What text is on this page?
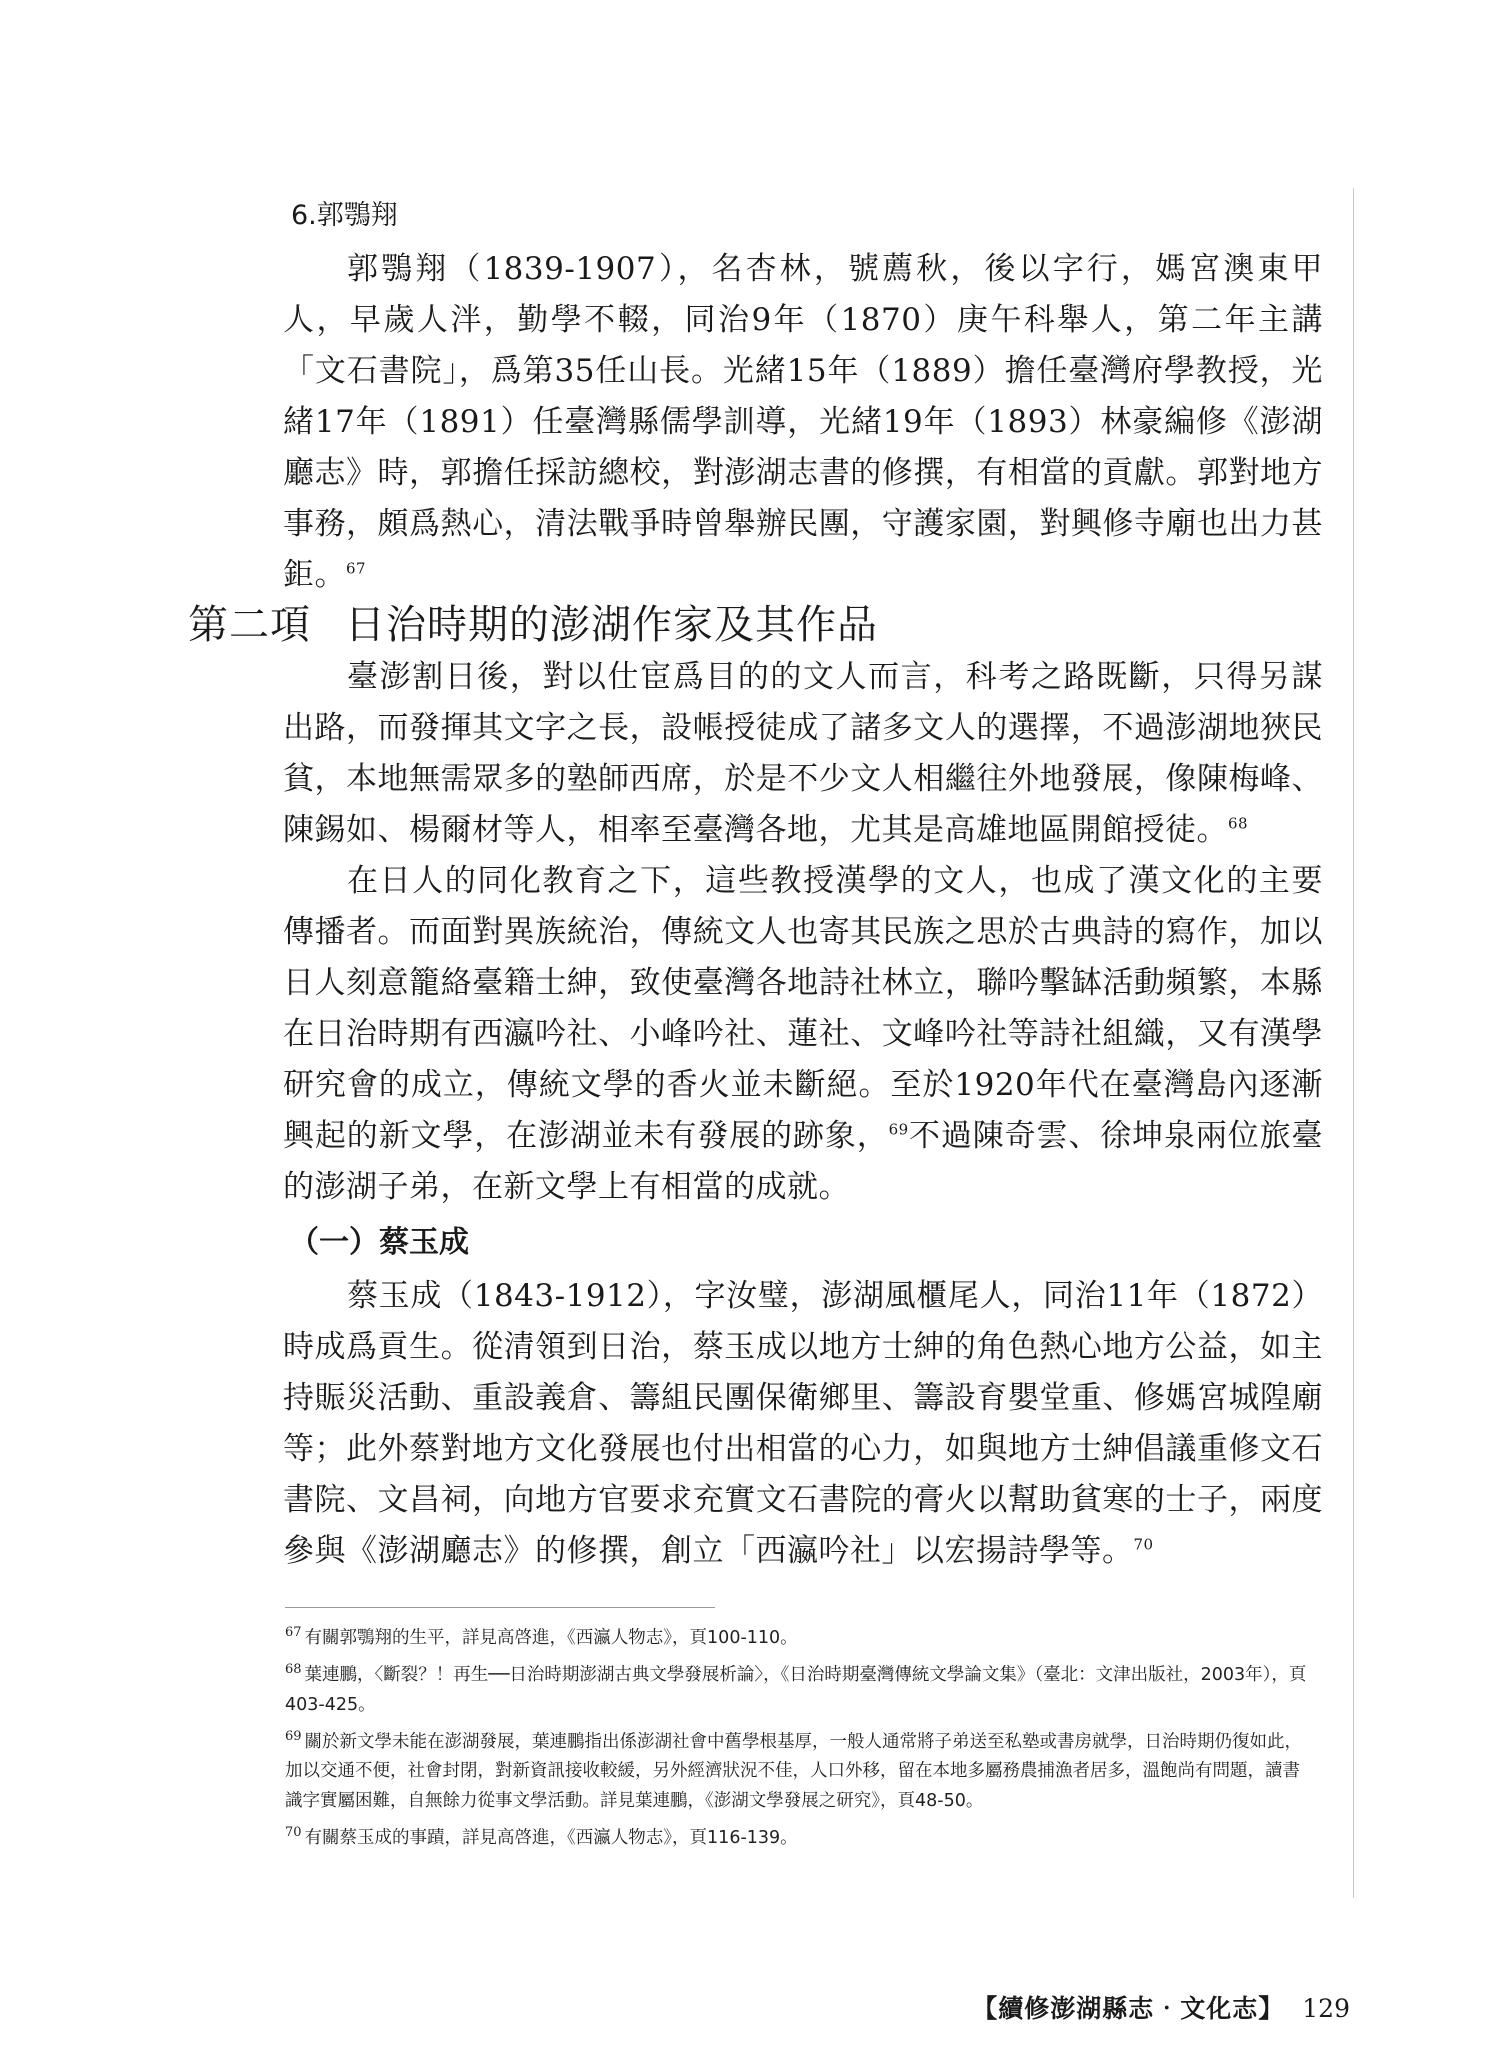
6.郭鶚翔

郭鶚翔（1839-1907），名杏林，號薦秋，後以字行，媽宮澳東甲人，早歲人泮，勤學不輟，同治9年（1870）庚午科舉人，第二年主講「文石書院」，爲第35任山長。光緒15年（1889）擔任臺灣府學教授，光緒17年（1891）任臺灣縣儒學訓導，光緒19年（1893）林豪編修《澎湖廳志》時，郭擔任採訪總校，對澎湖志書的修撰，有相當的貢獻。郭對地方事務，頗爲熱心，清法戰爭時曾舉辦民團，守護家園，對興修寺廟也出力甚鉅。$^{67}$

第二項 日治時期的澎湖作家及其作品

臺澎割日後，對以仕宦爲目的的文人而言，科考之路既斷，只得另謀出路，而發揮其文字之長，設帳授徒成了諸多文人的選擇，不過澎湖地狹民貧，本地無需眾多的塾師西席，於是不少文人相繼往外地發展，像陳梅峰、陳錫如、楊爾材等人，相率至臺灣各地，尤其是高雄地區開館授徒。$^{68}$

在日人的同化教育之下，這些教授漢學的文人，也成了漢文化的主要傳播者。而面對異族統治，傳統文人也寄其民族之思於古典詩的寫作，加以日人刻意籠絡臺籍士紳，致使臺灣各地詩社林立，聯吟擊缽活動頻繁，本縣在日治時期有西瀛吟社、小峰吟社、蓮社、文峰吟社等詩社組織，又有漢學研究會的成立，傳統文學的香火並未斷絕。至於1920年代在臺灣島內逐漸興起的新文學，在澎湖並未有發展的跡象，$^{69}$不過陳奇雲、徐坤泉兩位旅臺的澎湖子弟，在新文學上有相當的成就。

（一）蔡玉成

蔡玉成（1843-1912），字汝璧，澎湖風櫃尾人，同治11年（1872）時成爲貢生。從清領到日治，蔡玉成以地方士紳的角色熱心地方公益，如主持賑災活動、重設義倉、籌組民團保衛鄉里、籌設育嬰堂重、修媽宮城隍廟等；此外蔡對地方文化發展也付出相當的心力，如與地方士紳倡議重修文石書院、文昌祠，向地方官要求充實文石書院的膏火以幫助貧寒的士子，兩度參與《澎湖廳志》的修撰，創立「西瀛吟社」以宏揚詩學等。$^{70}$

$^{67}$ 有關郭鶚翔的生平，詳見高啓進，《西瀛人物志》，頁100-110。

$^{68}$ 葉連鵬，〈斷裂？！再生──日治時期澎湖古典文學發展析論〉，《日治時期臺灣傳統文學論文集》（臺北：文津出版社，2003年），頁403-425。

$^{69}$ 關於新文學未能在澎湖發展，葉連鵬指出係澎湖社會中舊學根基厚，一般人通常將子弟送至私塾或書房就學，日治時期仍復如此，加以交通不便，社會封閉，對新資訊接收較緩，另外經濟狀況不佳，人口外移，留在本地多屬務農捕漁者居多，溫飽尚有問題，讀書識字實屬困難，自無餘力從事文學活動。詳見葉連鵬，《澎湖文學發展之研究》，頁48-50。

$^{70}$ 有關蔡玉成的事蹟，詳見高啓進，《西瀛人物志》，頁116-139。

【續修澎湖縣志‧文化志】 129
